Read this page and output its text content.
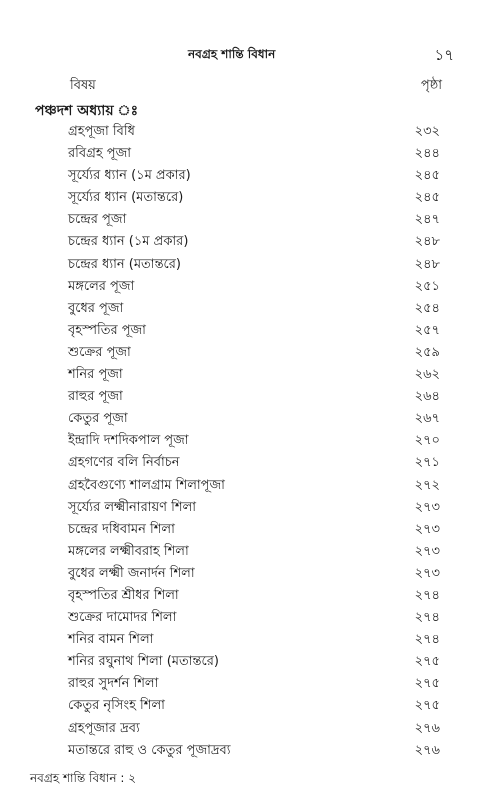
নবগ্রহ শান্তি বিধান	১৭
বিষয়	পৃষ্ঠা
পঞ্চদশ অধ্যায় ঃ
গ্রহপূজা বিধি	২৩২
রবিগ্রহ পূজা	২৪৪
সূর্য্যের ধ্যান (১ম প্রকার)	২৪৫
সূর্য্যের ধ্যান (মতান্তরে)	২৪৫
চন্দ্রের পূজা	২৪৭
চন্দ্রের ধ্যান (১ম প্রকার)	২৪৮
চন্দ্রের ধ্যান (মতান্তরে)	২৪৮
মঙ্গলের পূজা	২৫১
বুধের পূজা	২৫৪
বৃহস্পতির পূজা	২৫৭
শুক্রের পূজা	২৫৯
শনির পূজা	২৬২
রাহুর পূজা	২৬৪
কেতুর পূজা	২৬৭
ইন্দ্রাদি দশদিকপাল পূজা	২৭০
গ্রহগণের বলি নির্বাচন	২৭১
গ্রহবৈগুণ্যে শালগ্রাম শিলাপূজা	২৭২
সূর্য্যের লক্ষ্মীনারায়ণ শিলা	২৭৩
চন্দ্রের দধিবামন শিলা	২৭৩
মঙ্গলের লক্ষ্মীবরাহ শিলা	২৭৩
বুধের লক্ষ্মী জনার্দন শিলা	২৭৩
বৃহস্পতির শ্রীধর শিলা	২৭৪
শুক্রের দামোদর শিলা	২৭৪
শনির বামন শিলা	২৭৪
শনির রঘুনাথ শিলা (মতান্তরে)	২৭৫
রাহুর সুদর্শন শিলা	২৭৫
কেতুর নৃসিংহ শিলা	২৭৫
গ্রহপূজার দ্রব্য	২৭৬
মতান্তরে রাহু ও কেতুর পূজাদ্রব্য	২৭৬
নবগ্রহ শান্তি বিধান : ২
